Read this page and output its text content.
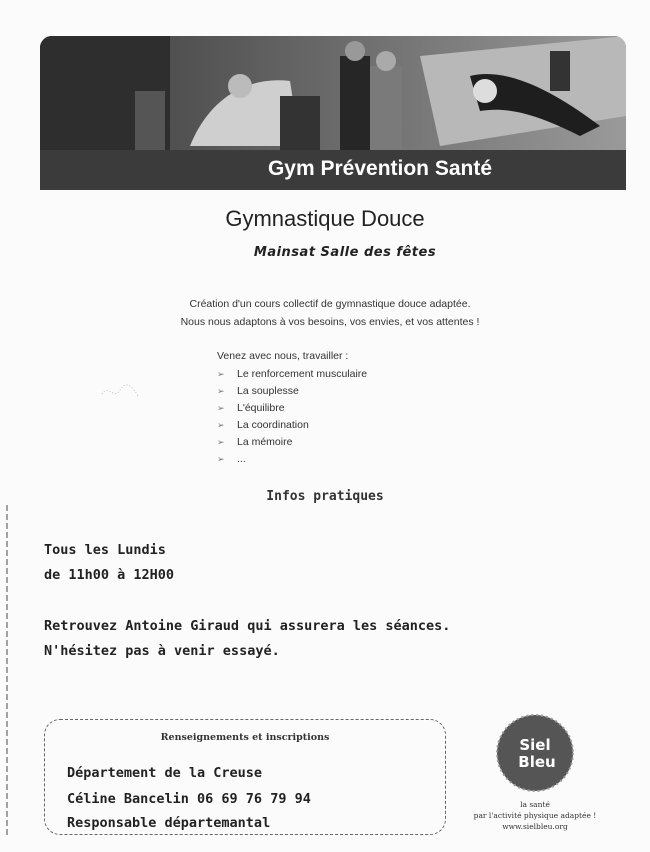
Gym Prévention Santé
Gymnastique Douce
Mainsat Salle des fêtes
Création d'un cours collectif de gymnastique douce adaptée.
Nous nous adaptons à vos besoins, vos envies, et vos attentes !
Venez avec nous, travailler :
➢ Le renforcement musculaire
➢ La souplesse
➢ L'équilibre
➢ La coordination
➢ La mémoire
➢ ...
Infos pratiques
Tous les Lundis
de 11h00 à 12H00
Retrouvez Antoine Giraud qui assurera les séances.
N'hésitez pas à venir essayé.
Renseignements et inscriptions
Département de la Creuse
Céline Bancelin 06 69 76 79 94
Responsable départemantal
Siel
Bleu
la santé
par l'activité physique adaptée !
www.sielbleu.org
